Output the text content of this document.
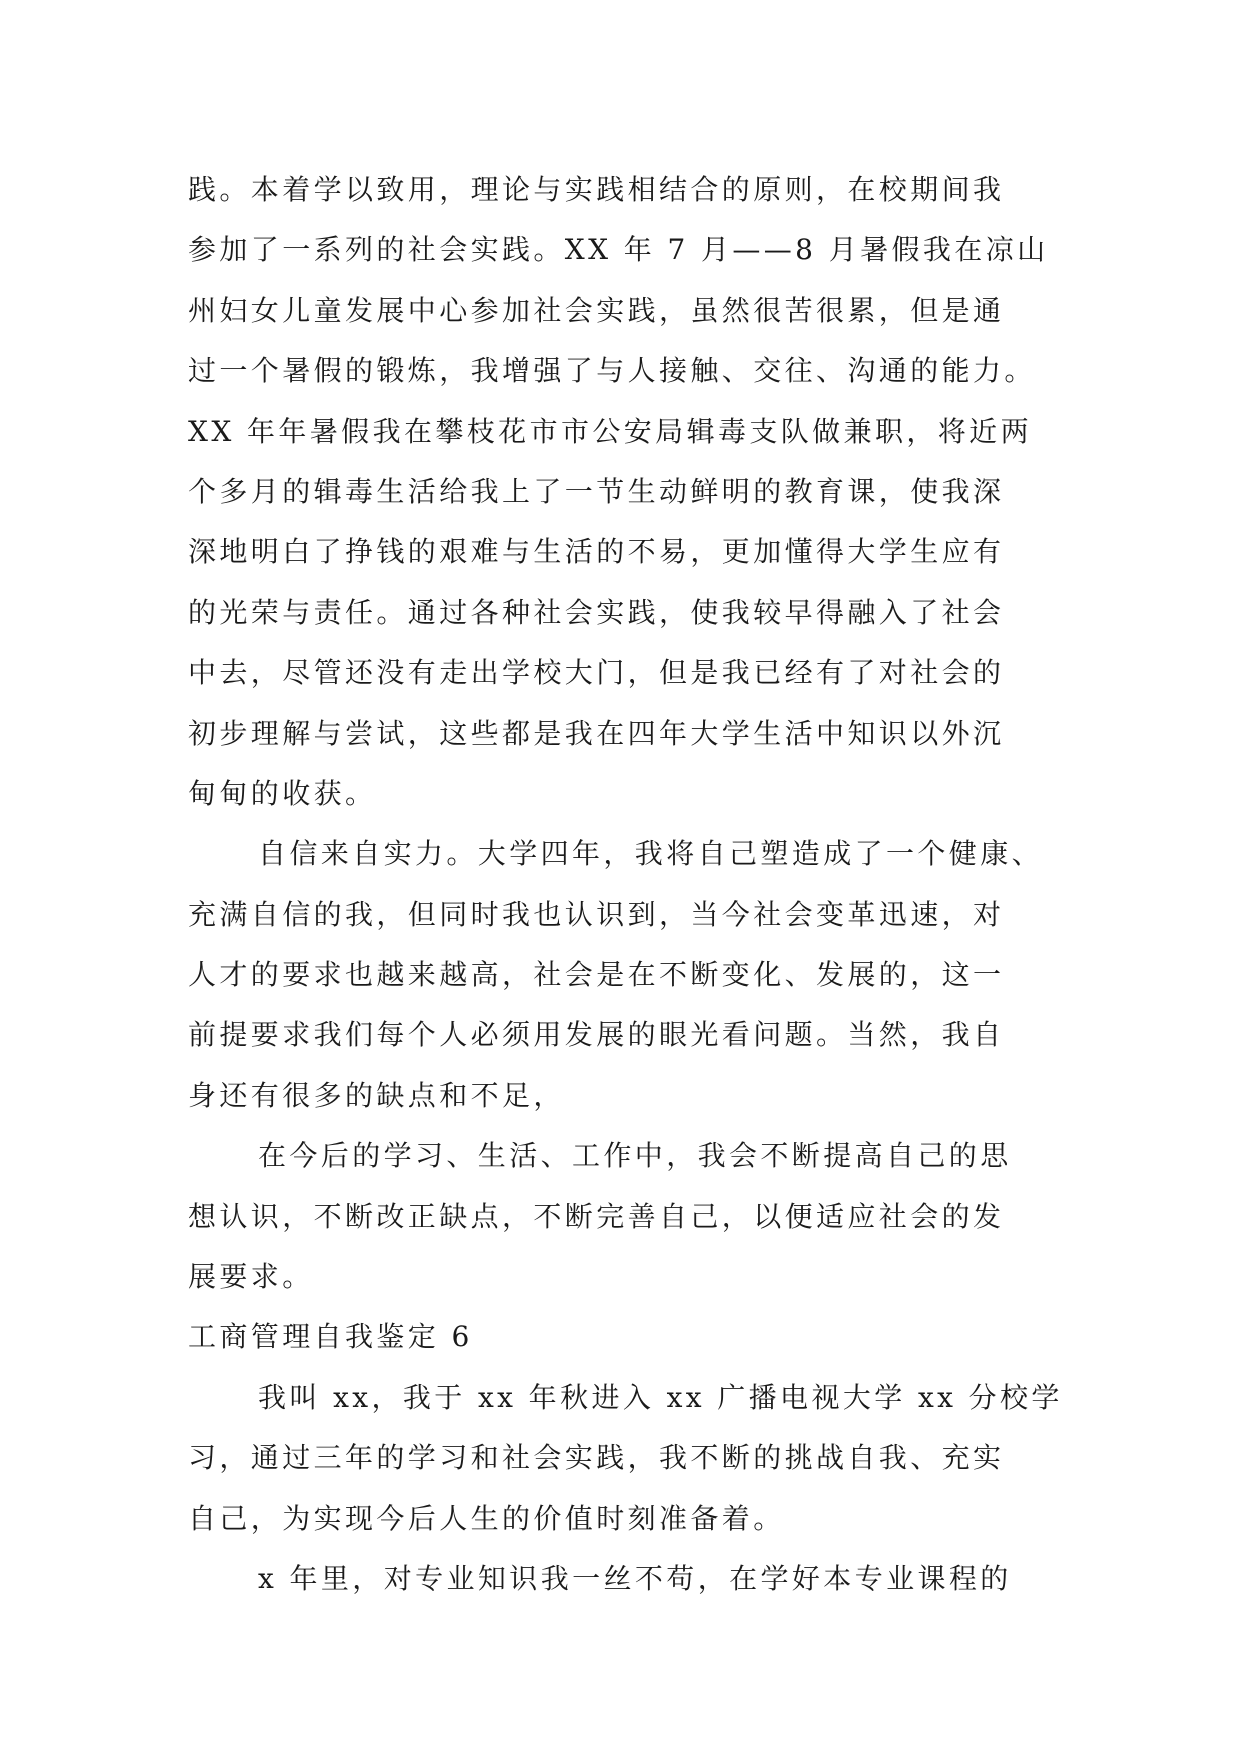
践。本着学以致用，理论与实践相结合的原则，在校期间我
参加了一系列的社会实践。XX 年 7 月——8 月暑假我在凉山
州妇女儿童发展中心参加社会实践，虽然很苦很累，但是通
过一个暑假的锻炼，我增强了与人接触、交往、沟通的能力。
XX 年年暑假我在攀枝花市市公安局辑毒支队做兼职，将近两
个多月的辑毒生活给我上了一节生动鲜明的教育课，使我深
深地明白了挣钱的艰难与生活的不易，更加懂得大学生应有
的光荣与责任。通过各种社会实践，使我较早得融入了社会
中去，尽管还没有走出学校大门，但是我已经有了对社会的
初步理解与尝试，这些都是我在四年大学生活中知识以外沉
甸甸的收获。
自信来自实力。大学四年，我将自己塑造成了一个健康、
充满自信的我，但同时我也认识到，当今社会变革迅速，对
人才的要求也越来越高，社会是在不断变化、发展的，这一
前提要求我们每个人必须用发展的眼光看问题。当然，我自
身还有很多的缺点和不足，
在今后的学习、生活、工作中，我会不断提高自己的思
想认识，不断改正缺点，不断完善自己，以便适应社会的发
展要求。
工商管理自我鉴定 6
我叫 xx，我于 xx 年秋进入 xx 广播电视大学 xx 分校学
习，通过三年的学习和社会实践，我不断的挑战自我、充实
自己，为实现今后人生的价值时刻准备着。
x 年里，对专业知识我一丝不苟，在学好本专业课程的
